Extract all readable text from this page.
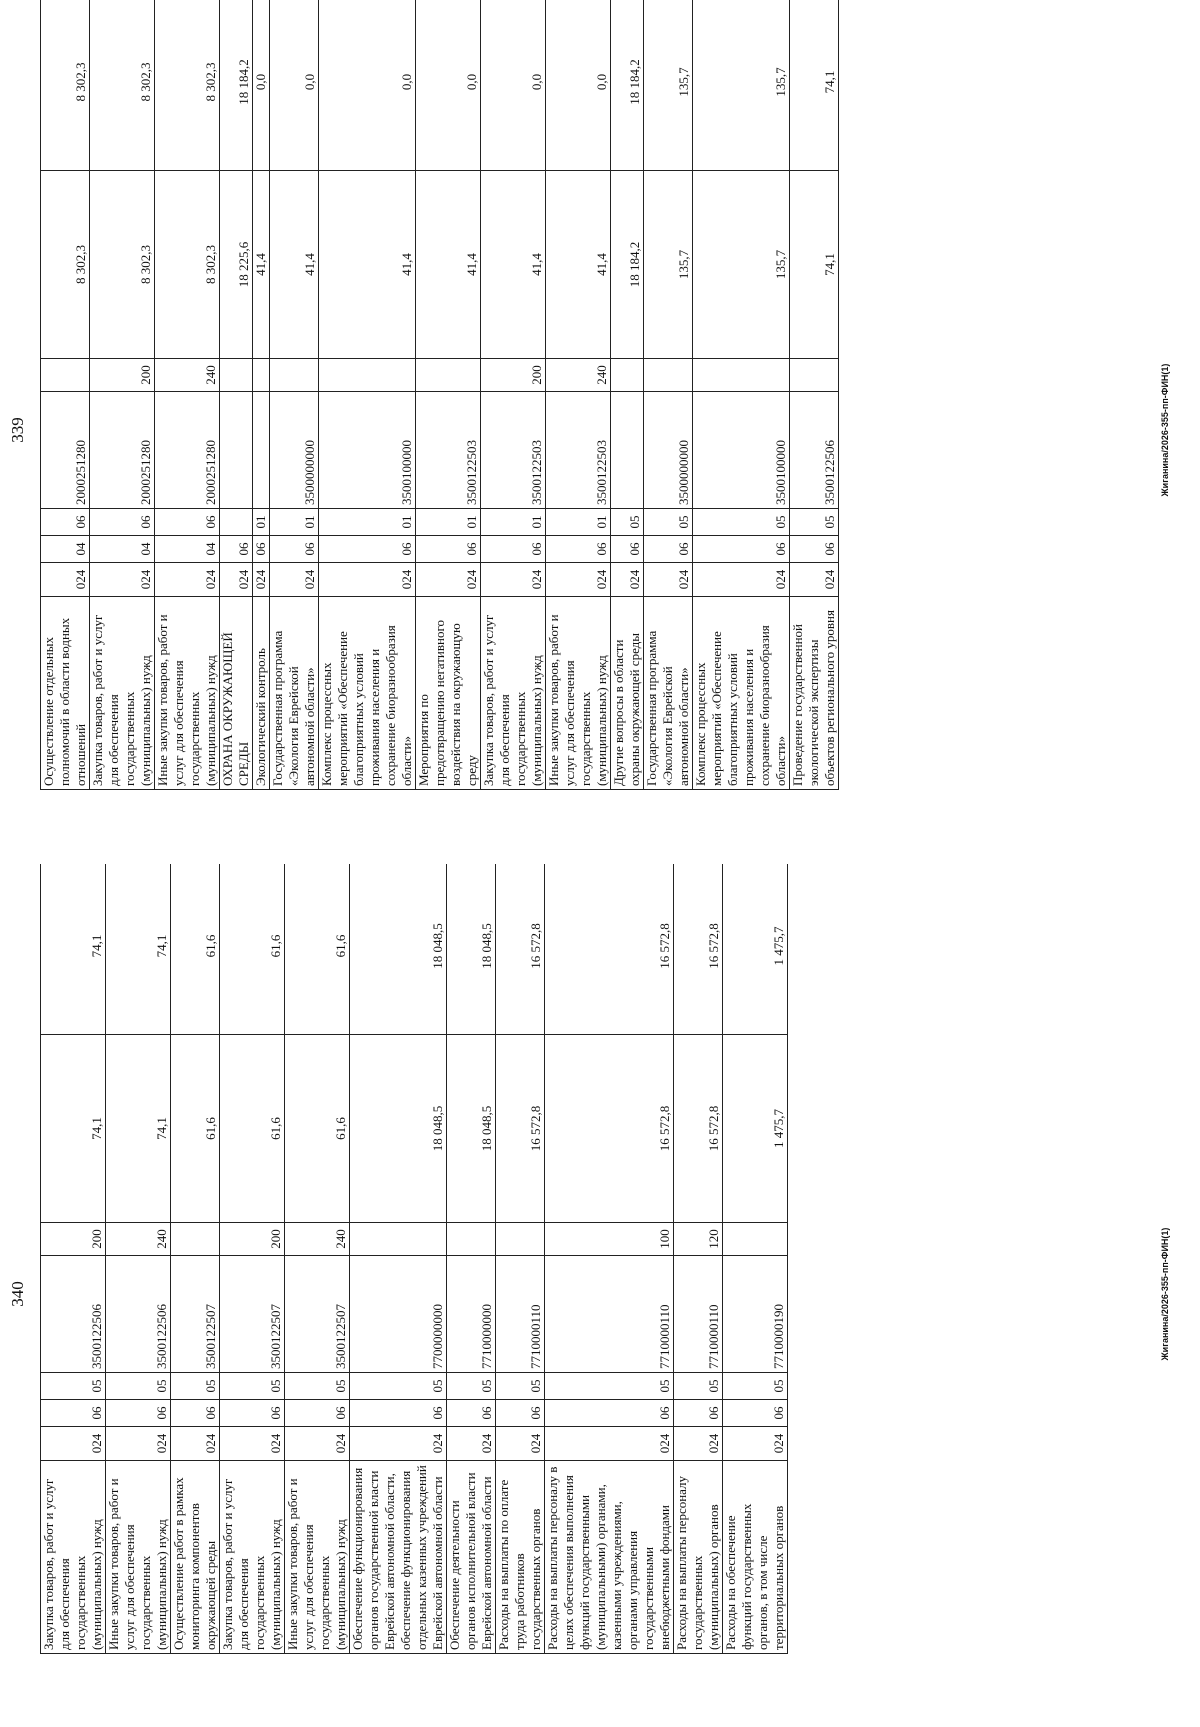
339
Осуществление отдельных полномочий в области водных отношений	024	04	06	2000251280		8 302,3	8 302,3
Закупка товаров, работ и услуг для обеспечения государственных (муниципальных) нужд	024	04	06	2000251280	200	8 302,3	8 302,3
Иные закупки товаров, работ и услуг для обеспечения государственных (муниципальных) нужд	024	04	06	2000251280	240	8 302,3	8 302,3
ОХРАНА ОКРУЖАЮЩЕЙ СРЕДЫ	024	06				18 225,6	18 184,2
Экологический контроль	024	06	01			41,4	0,0
Государственная программа «Экология Еврейской автономной области»	024	06	01	3500000000		41,4	0,0
Комплекс процессных мероприятий «Обеспечение благоприятных условий проживания населения и сохранение биоразнообразия области»	024	06	01	3500100000		41,4	0,0
Мероприятия по предотвращению негативного воздействия на окружающую среду	024	06	01	3500122503		41,4	0,0
Закупка товаров, работ и услуг для обеспечения государственных (муниципальных) нужд	024	06	01	3500122503	200	41,4	0,0
Иные закупки товаров, работ и услуг для обеспечения государственных (муниципальных) нужд	024	06	01	3500122503	240	41,4	0,0
Другие вопросы в области охраны окружающей среды	024	06	05			18 184,2	18 184,2
Государственная программа «Экология Еврейской автономной области»	024	06	05	3500000000		135,7	135,7
Комплекс процессных мероприятий «Обеспечение благоприятных условий проживания населения и сохранение биоразнообразия области»	024	06	05	3500100000		135,7	135,7
Проведение государственной экологической экспертизы объектов регионального уровня	024	06	05	3500122506		74,1	74,1
Жиганина/2026-355-пп-ФИН(1)
340
Закупка товаров, работ и услуг для обеспечения государственных (муниципальных) нужд	024	06	05	3500122506	200	74,1	74,1
Иные закупки товаров, работ и услуг для обеспечения государственных (муниципальных) нужд	024	06	05	3500122506	240	74,1	74,1
Осуществление работ в рамках мониторинга компонентов окружающей среды	024	06	05	3500122507		61,6	61,6
Закупка товаров, работ и услуг для обеспечения государственных (муниципальных) нужд	024	06	05	3500122507	200	61,6	61,6
Иные закупки товаров, работ и услуг для обеспечения государственных (муниципальных) нужд	024	06	05	3500122507	240	61,6	61,6
Обеспечение функционирования органов государственной власти Еврейской автономной области, обеспечение функционирования отдельных казенных учреждений Еврейской автономной области	024	06	05	7700000000		18 048,5	18 048,5
Обеспечение деятельности органов исполнительной власти Еврейской автономной области	024	06	05	7710000000		18 048,5	18 048,5
Расходы на выплаты по оплате труда работников государственных органов	024	06	05	7710000110		16 572,8	16 572,8
Расходы на выплаты персоналу в целях обеспечения выполнения функций государственными (муниципальными) органами, казенными учреждениями, органами управления государственными внебюджетными фондами	024	06	05	7710000110	100	16 572,8	16 572,8
Расходы на выплаты персоналу государственных (муниципальных) органов	024	06	05	7710000110	120	16 572,8	16 572,8
Расходы на обеспечение функций государственных органов, в том числе территориальных органов	024	06	05	7710000190		1 475,7	1 475,7
Жиганина/2026-355-пп-ФИН(1)
